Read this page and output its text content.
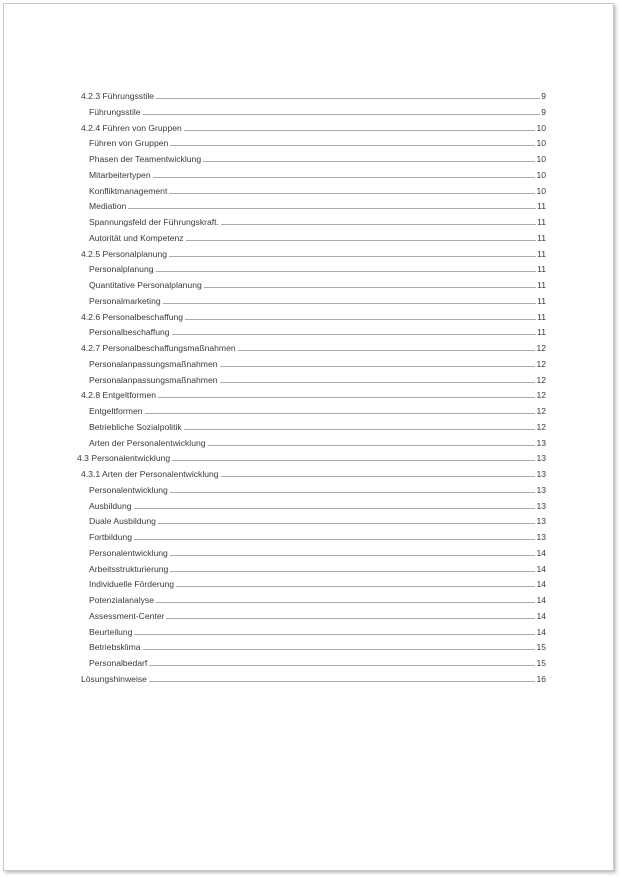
4.2.3 Führungsstile	9
Führungsstile	9
4.2.4 Führen von Gruppen	10
Führen von Gruppen	10
Phasen der Teamentwicklung	10
Mitarbeitertypen	10
Konfliktmanagement	10
Mediation	11
Spannungsfeld der Führungskraft.	11
Autorität und Kompetenz	11
4.2.5 Personalplanung	11
Personalplanung	11
Quantitative Personalplanung	11
Personalmarketing	11
4.2.6 Personalbeschaffung	11
Personalbeschaffung	11
4.2.7 Personalbeschaffungsmaßnahmen	12
Personalanpassungsmaßnahmen	12
Personalanpassungsmaßnahmen	12
4.2.8 Entgeltformen	12
Entgeltformen	12
Betriebliche Sozialpolitik	12
Arten der Personalentwicklung	13
4.3 Personalentwicklung	13
4.3.1 Arten der Personalentwicklung	13
Personalentwicklung	13
Ausbildung	13
Duale Ausbildung	13
Fortbildung	13
Personalentwicklung	14
Arbeitsstrukturierung	14
Individuelle Förderung	14
Potenzialanalyse	14
Assessment-Center	14
Beurteilung	14
Betriebsklima	15
Personalbedarf	15
Lösungshinweise	16
